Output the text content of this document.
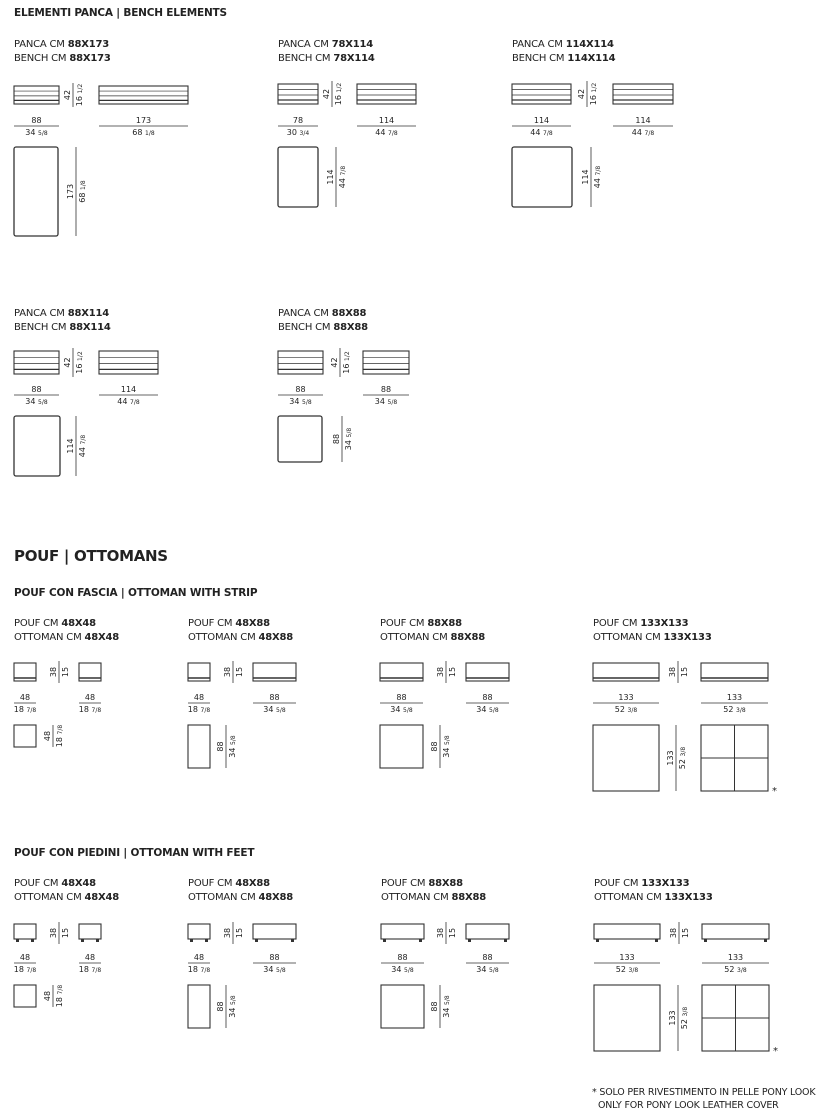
ELEMENTI PANCA | BENCH ELEMENTS
POUF | OTTOMANS
POUF CON FASCIA | OTTOMAN WITH STRIP
POUF CON PIEDINI | OTTOMAN WITH FEET
PANCA CM 88X173
BENCH CM 88X173
PANCA CM 78X114
BENCH CM 78X114
PANCA CM 114X114
BENCH CM 114X114
PANCA CM 88X114
BENCH CM 88X114
PANCA CM 88X88
BENCH CM 88X88
POUF CM 48X48
OTTOMAN CM 48X48
POUF CM 48X88
OTTOMAN CM 48X88
POUF CM 88X88
OTTOMAN CM 88X88
POUF CM 133X133
OTTOMAN CM 133X133
POUF CM 48X48
OTTOMAN CM 48X48
POUF CM 48X88
OTTOMAN CM 48X88
POUF CM 88X88
OTTOMAN CM 88X88
POUF CM 133X133
OTTOMAN CM 133X133
* SOLO PER RIVESTIMENTO IN PELLE PONY LOOK
ONLY FOR PONY LOOK LEATHER COVER
42 16 1/2
88
34 5/8
173
68 1/8
173 68 1/8
42 16 1/2
78
30 3/4
114
44 7/8
114 44 7/8
42 16 1/2
114
44 7/8
114
44 7/8
114 44 7/8
42 16 1/2
88
34 5/8
114
44 7/8
114 44 7/8
42 16 1/2
88
34 5/8
88
34 5/8
88 34 5/8
38 15
48
18 7/8
48
18 7/8
48 18 7/8
38 15
48
18 7/8
88
34 5/8
88 34 5/8
38 15
88
34 5/8
88
34 5/8
88 34 5/8
38 15
133
52 3/8
133
52 3/8
133 52 3/8
*
38 15
48
18 7/8
48
18 7/8
48 18 7/8
38 15
48
18 7/8
88
34 5/8
88 34 5/8
38 15
88
34 5/8
88
34 5/8
88 34 5/8
38 15
133
52 3/8
133
52 3/8
133 52 3/8
*
